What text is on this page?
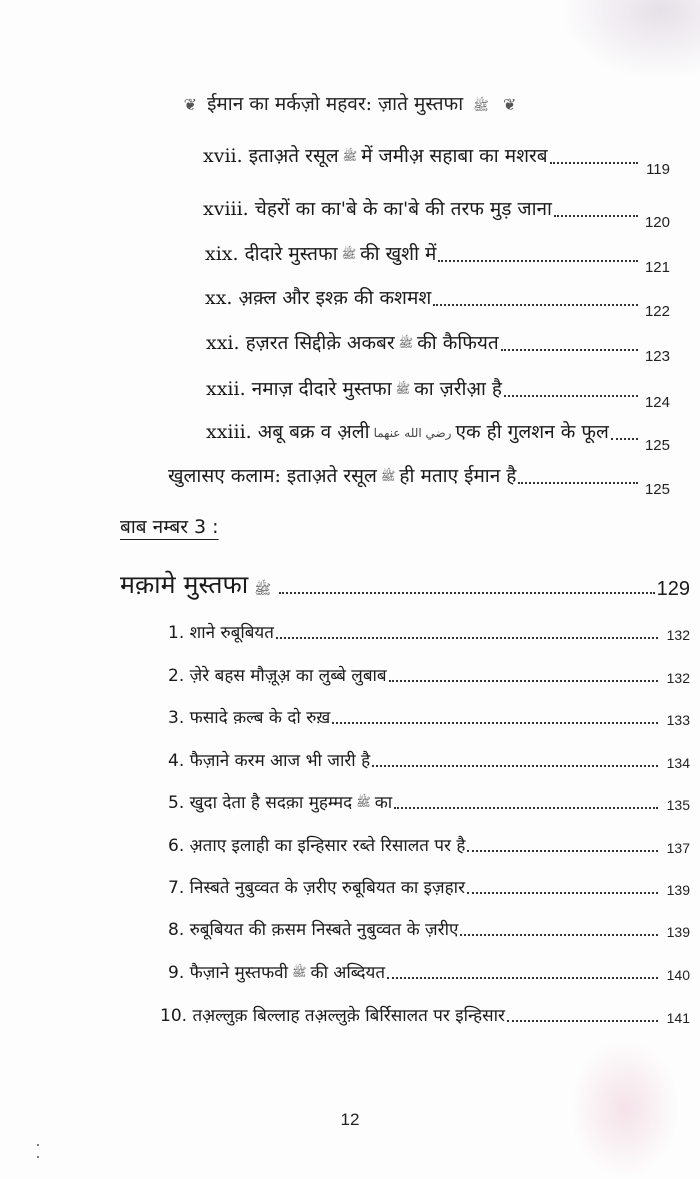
❦ ईमान का मर्कज़ो महवर: ज़ाते मुस्तफा ﷺ ❦
xvii. इताअ़ते रसूल ﷺ में जमीअ़ सहाबा का मशरब
119
xviii. चेहरों का का'बे के का'बे की तरफ मुड़ जाना
120
xix. दीदारे मुस्तफा ﷺ की खुशी में
121
xx. अ़क़्ल और इश्क़ की कशमश
122
xxi. हज़रत सिद्दीक़े अकबर ﷺ की कैफियत
123
xxii. नमाज़ दीदारे मुस्तफा ﷺ का ज़रीआ़ है
124
xxiii. अबू बक्र व अ़ली رضي الله عنهما एक ही गुलशन के फूल
125
खुलासए कलाम: इताअ़ते रसूल ﷺ ही मताए ईमान है
125
बाब नम्बर 3 :
मक़ामे मुस्तफा ﷺ	129
1. शाने रुबूबियत	132
2. ज़ेरे बहस मौज़ूअ़ का लुब्बे लुबाब	132
3. फसादे क़ल्ब के दो रुख़	133
4. फैज़ाने करम आज भी जारी है	134
5. खुदा देता है सदक़ा मुहम्मद ﷺ का	135
6. अ़ताए इलाही का इन्हिसार रब्ते रिसालत पर है	137
7. निस्बते नुबुव्वत के ज़रीए रुबूबियत का इज़हार	139
8. रुबूबियत की क़सम निस्बते नुबुव्वत के ज़रीए	139
9. फैज़ाने मुस्तफवी ﷺ की अब्दियत	140
10. तअ़ल्लुक़ बिल्लाह तअ़ल्लुक़े बिर्रिसालत पर इन्हिसार	141
12
